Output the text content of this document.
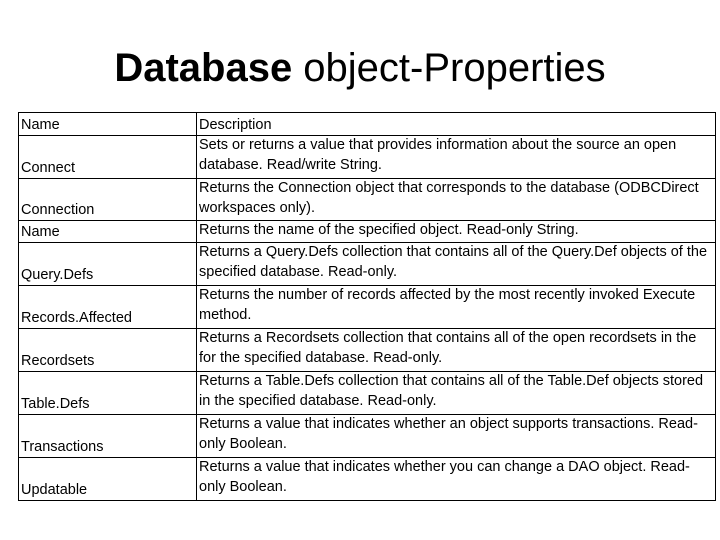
Database object-Properties
Name	Description
Connect	Sets or returns a value that provides information about the source an open database. Read/write String.
Connection	Returns the Connection object that corresponds to the database (ODBCDirect workspaces only).
Name	Returns the name of the specified object. Read-only String.
Query.Defs	Returns a Query.Defs collection that contains all of the Query.Def objects of the specified database. Read-only.
Records.Affected	Returns the number of records affected by the most recently invoked Execute method.
Recordsets	Returns a Recordsets collection that contains all of the open recordsets in the for the specified database. Read-only.
Table.Defs	Returns a Table.Defs collection that contains all of the Table.Def objects stored in the specified database. Read-only.
Transactions	Returns a value that indicates whether an object supports transactions. Read-only Boolean.
Updatable	Returns a value that indicates whether you can change a DAO object. Read-only Boolean.
